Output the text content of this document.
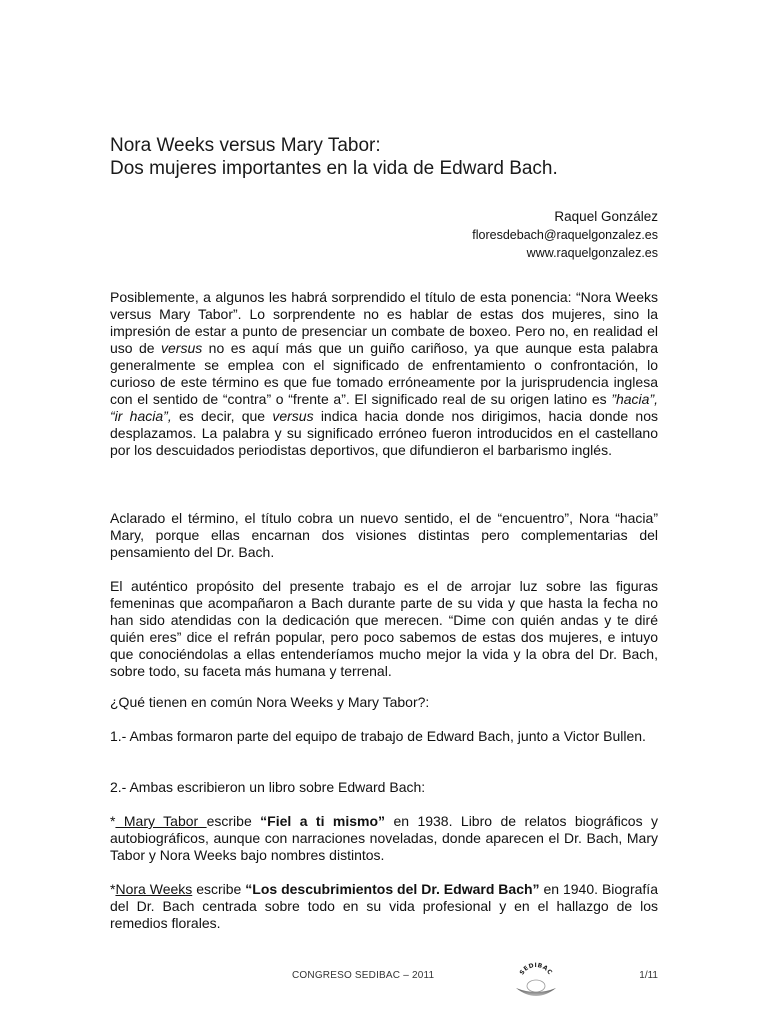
Nora Weeks versus Mary Tabor:
Dos mujeres importantes en la vida de Edward Bach.
Raquel González
floresdebach@raquelgonzalez.es
www.raquelgonzalez.es

Posiblemente, a algunos les habrá sorprendido el título de esta ponencia: “Nora Weeks versus Mary Tabor”. Lo sorprendente no es hablar de estas dos mujeres, sino la impresión de estar a punto de presenciar un combate de boxeo. Pero no, en realidad el uso de versus no es aquí más que un guiño cariñoso, ya que aunque esta palabra generalmente se emplea con el significado de enfrentamiento o confrontación, lo curioso de este término es que fue tomado erróneamente por la jurisprudencia inglesa con el sentido de “contra” o “frente a”. El significado real de su origen latino es ”hacia”, “ir hacia”, es decir, que versus indica hacia donde nos dirigimos, hacia donde nos desplazamos. La palabra y su significado erróneo fueron introducidos en el castellano por los descuidados periodistas deportivos, que difundieron el barbarismo inglés.

Aclarado el término, el título cobra un nuevo sentido, el de “encuentro”, Nora “hacia” Mary, porque ellas encarnan dos visiones distintas pero complementarias del pensamiento del Dr. Bach.

El auténtico propósito del presente trabajo es el de arrojar luz sobre las figuras femeninas que acompañaron a Bach durante parte de su vida y que hasta la fecha no han sido atendidas con la dedicación que merecen. “Dime con quién andas y te diré quién eres” dice el refrán popular, pero poco sabemos de estas dos mujeres, e intuyo que conociéndolas a ellas entenderíamos mucho mejor la vida y la obra del Dr. Bach, sobre todo, su faceta más humana y terrenal.

¿Qué tienen en común Nora Weeks y Mary Tabor?:

1.- Ambas formaron parte del equipo de trabajo de Edward Bach, junto a Victor Bullen.

2.- Ambas escribieron un libro sobre Edward Bach:

* Mary Tabor escribe “Fiel a ti mismo” en 1938. Libro de relatos biográficos y autobiográficos, aunque con narraciones noveladas, donde aparecen el Dr. Bach, Mary Tabor y Nora Weeks bajo nombres distintos.

*Nora Weeks escribe “Los descubrimientos del Dr. Edward Bach” en 1940. Biografía del Dr. Bach centrada sobre todo en su vida profesional y en el hallazgo de los remedios florales.

CONGRESO SEDIBAC – 2011	SEDIBAC	1/11
